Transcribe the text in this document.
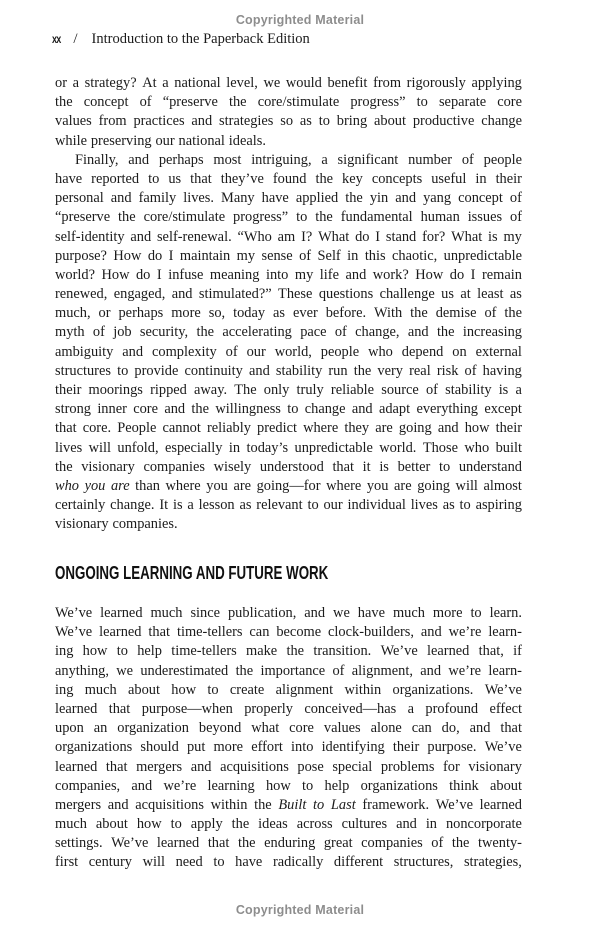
Copyrighted Material
xx / Introduction to the Paperback Edition
or a strategy? At a national level, we would benefit from rigorously applying
the concept of “preserve the core/stimulate progress” to separate core
values from practices and strategies so as to bring about productive change
while preserving our national ideals.
Finally, and perhaps most intriguing, a significant number of people
have reported to us that they’ve found the key concepts useful in their
personal and family lives. Many have applied the yin and yang concept of
“preserve the core/stimulate progress” to the fundamental human issues of
self-identity and self-renewal. “Who am I? What do I stand for? What is my
purpose? How do I maintain my sense of Self in this chaotic, unpredictable
world? How do I infuse meaning into my life and work? How do I remain
renewed, engaged, and stimulated?” These questions challenge us at least as
much, or perhaps more so, today as ever before. With the demise of the
myth of job security, the accelerating pace of change, and the increasing
ambiguity and complexity of our world, people who depend on external
structures to provide continuity and stability run the very real risk of having
their moorings ripped away. The only truly reliable source of stability is a
strong inner core and the willingness to change and adapt everything except
that core. People cannot reliably predict where they are going and how their
lives will unfold, especially in today’s unpredictable world. Those who built
the visionary companies wisely understood that it is better to understand
who you are than where you are going—for where you are going will almost
certainly change. It is a lesson as relevant to our individual lives as to aspiring
visionary companies.
ONGOING LEARNING AND FUTURE WORK
We’ve learned much since publication, and we have much more to learn.
We’ve learned that time-tellers can become clock-builders, and we’re learn-
ing how to help time-tellers make the transition. We’ve learned that, if
anything, we underestimated the importance of alignment, and we’re learn-
ing much about how to create alignment within organizations. We’ve
learned that purpose—when properly conceived—has a profound effect
upon an organization beyond what core values alone can do, and that
organizations should put more effort into identifying their purpose. We’ve
learned that mergers and acquisitions pose special problems for visionary
companies, and we’re learning how to help organizations think about
mergers and acquisitions within the Built to Last framework. We’ve learned
much about how to apply the ideas across cultures and in noncorporate
settings. We’ve learned that the enduring great companies of the twenty-
first century will need to have radically different structures, strategies,
Copyrighted Material
